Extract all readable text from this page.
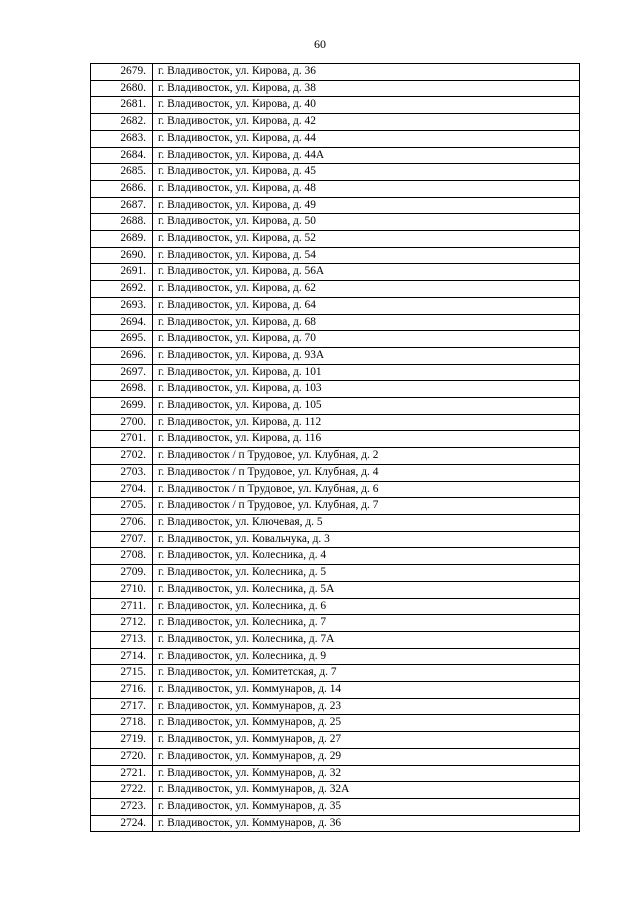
60
2679.	г. Владивосток, ул. Кирова, д. 36
2680.	г. Владивосток, ул. Кирова, д. 38
2681.	г. Владивосток, ул. Кирова, д. 40
2682.	г. Владивосток, ул. Кирова, д. 42
2683.	г. Владивосток, ул. Кирова, д. 44
2684.	г. Владивосток, ул. Кирова, д. 44А
2685.	г. Владивосток, ул. Кирова, д. 45
2686.	г. Владивосток, ул. Кирова, д. 48
2687.	г. Владивосток, ул. Кирова, д. 49
2688.	г. Владивосток, ул. Кирова, д. 50
2689.	г. Владивосток, ул. Кирова, д. 52
2690.	г. Владивосток, ул. Кирова, д. 54
2691.	г. Владивосток, ул. Кирова, д. 56А
2692.	г. Владивосток, ул. Кирова, д. 62
2693.	г. Владивосток, ул. Кирова, д. 64
2694.	г. Владивосток, ул. Кирова, д. 68
2695.	г. Владивосток, ул. Кирова, д. 70
2696.	г. Владивосток, ул. Кирова, д. 93А
2697.	г. Владивосток, ул. Кирова, д. 101
2698.	г. Владивосток, ул. Кирова, д. 103
2699.	г. Владивосток, ул. Кирова, д. 105
2700.	г. Владивосток, ул. Кирова, д. 112
2701.	г. Владивосток, ул. Кирова, д. 116
2702.	г. Владивосток / п Трудовое, ул. Клубная, д. 2
2703.	г. Владивосток / п Трудовое, ул. Клубная, д. 4
2704.	г. Владивосток / п Трудовое, ул. Клубная, д. 6
2705.	г. Владивосток / п Трудовое, ул. Клубная, д. 7
2706.	г. Владивосток, ул. Ключевая, д. 5
2707.	г. Владивосток, ул. Ковальчука, д. 3
2708.	г. Владивосток, ул. Колесника, д. 4
2709.	г. Владивосток, ул. Колесника, д. 5
2710.	г. Владивосток, ул. Колесника, д. 5А
2711.	г. Владивосток, ул. Колесника, д. 6
2712.	г. Владивосток, ул. Колесника, д. 7
2713.	г. Владивосток, ул. Колесника, д. 7А
2714.	г. Владивосток, ул. Колесника, д. 9
2715.	г. Владивосток, ул. Комитетская, д. 7
2716.	г. Владивосток, ул. Коммунаров, д. 14
2717.	г. Владивосток, ул. Коммунаров, д. 23
2718.	г. Владивосток, ул. Коммунаров, д. 25
2719.	г. Владивосток, ул. Коммунаров, д. 27
2720.	г. Владивосток, ул. Коммунаров, д. 29
2721.	г. Владивосток, ул. Коммунаров, д. 32
2722.	г. Владивосток, ул. Коммунаров, д. 32А
2723.	г. Владивосток, ул. Коммунаров, д. 35
2724.	г. Владивосток, ул. Коммунаров, д. 36
